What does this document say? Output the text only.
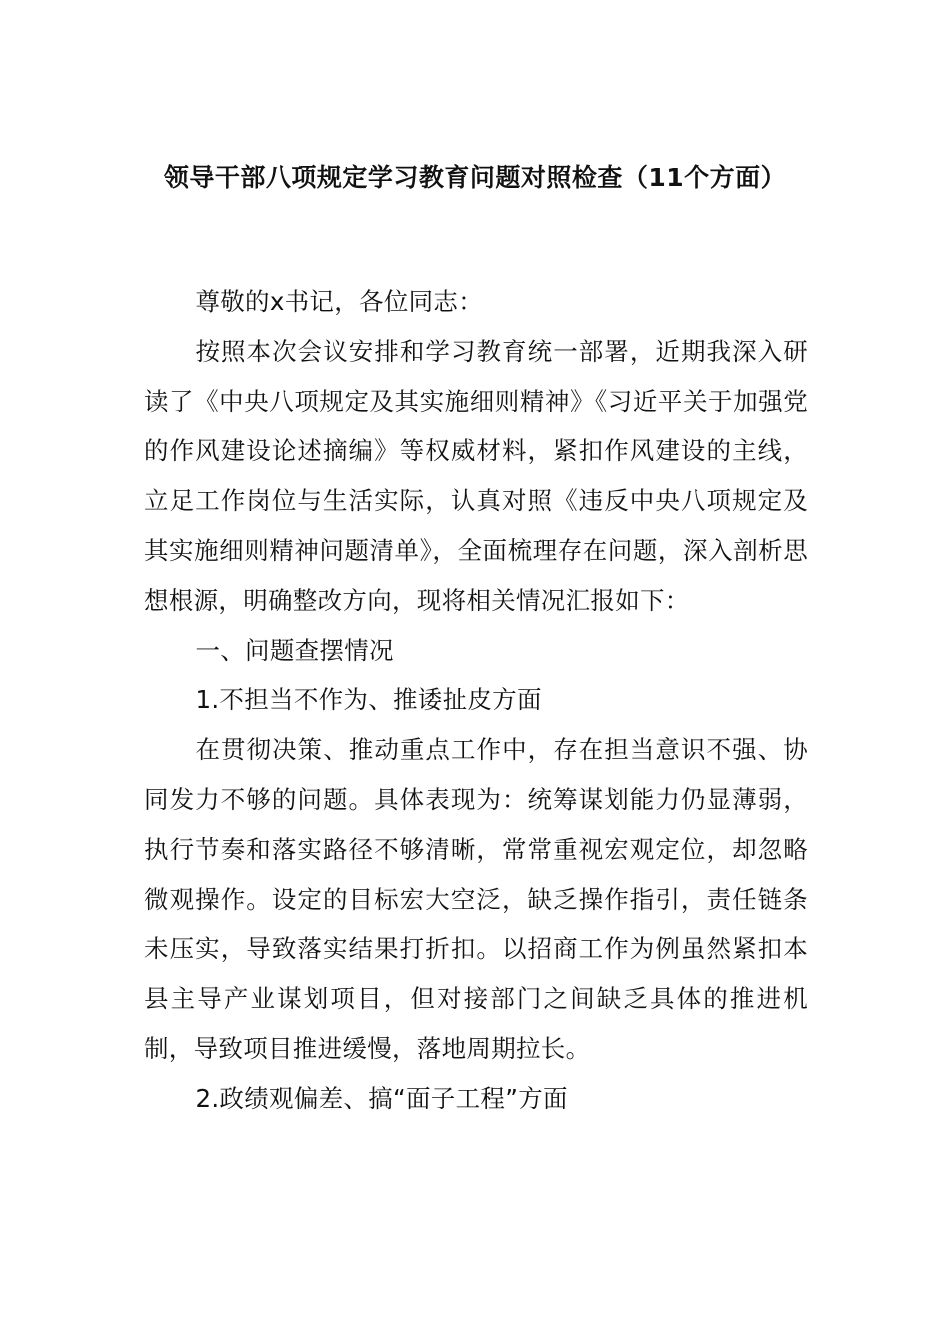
领导干部八项规定学习教育问题对照检查（11个方面）

尊敬的x书记，各位同志：

按照本次会议安排和学习教育统一部署，近期我深入研读了《中央八项规定及其实施细则精神》《习近平关于加强党的作风建设论述摘编》等权威材料，紧扣作风建设的主线，立足工作岗位与生活实际，认真对照《违反中央八项规定及其实施细则精神问题清单》，全面梳理存在问题，深入剖析思想根源，明确整改方向，现将相关情况汇报如下：

一、问题查摆情况

1.不担当不作为、推诿扯皮方面

在贯彻决策、推动重点工作中，存在担当意识不强、协同发力不够的问题。具体表现为：统筹谋划能力仍显薄弱，执行节奏和落实路径不够清晰，常常重视宏观定位，却忽略微观操作。设定的目标宏大空泛，缺乏操作指引，责任链条未压实，导致落实结果打折扣。以招商工作为例虽然紧扣本县主导产业谋划项目，但对接部门之间缺乏具体的推进机制，导致项目推进缓慢，落地周期拉长。

2.政绩观偏差、搞“面子工程”方面
